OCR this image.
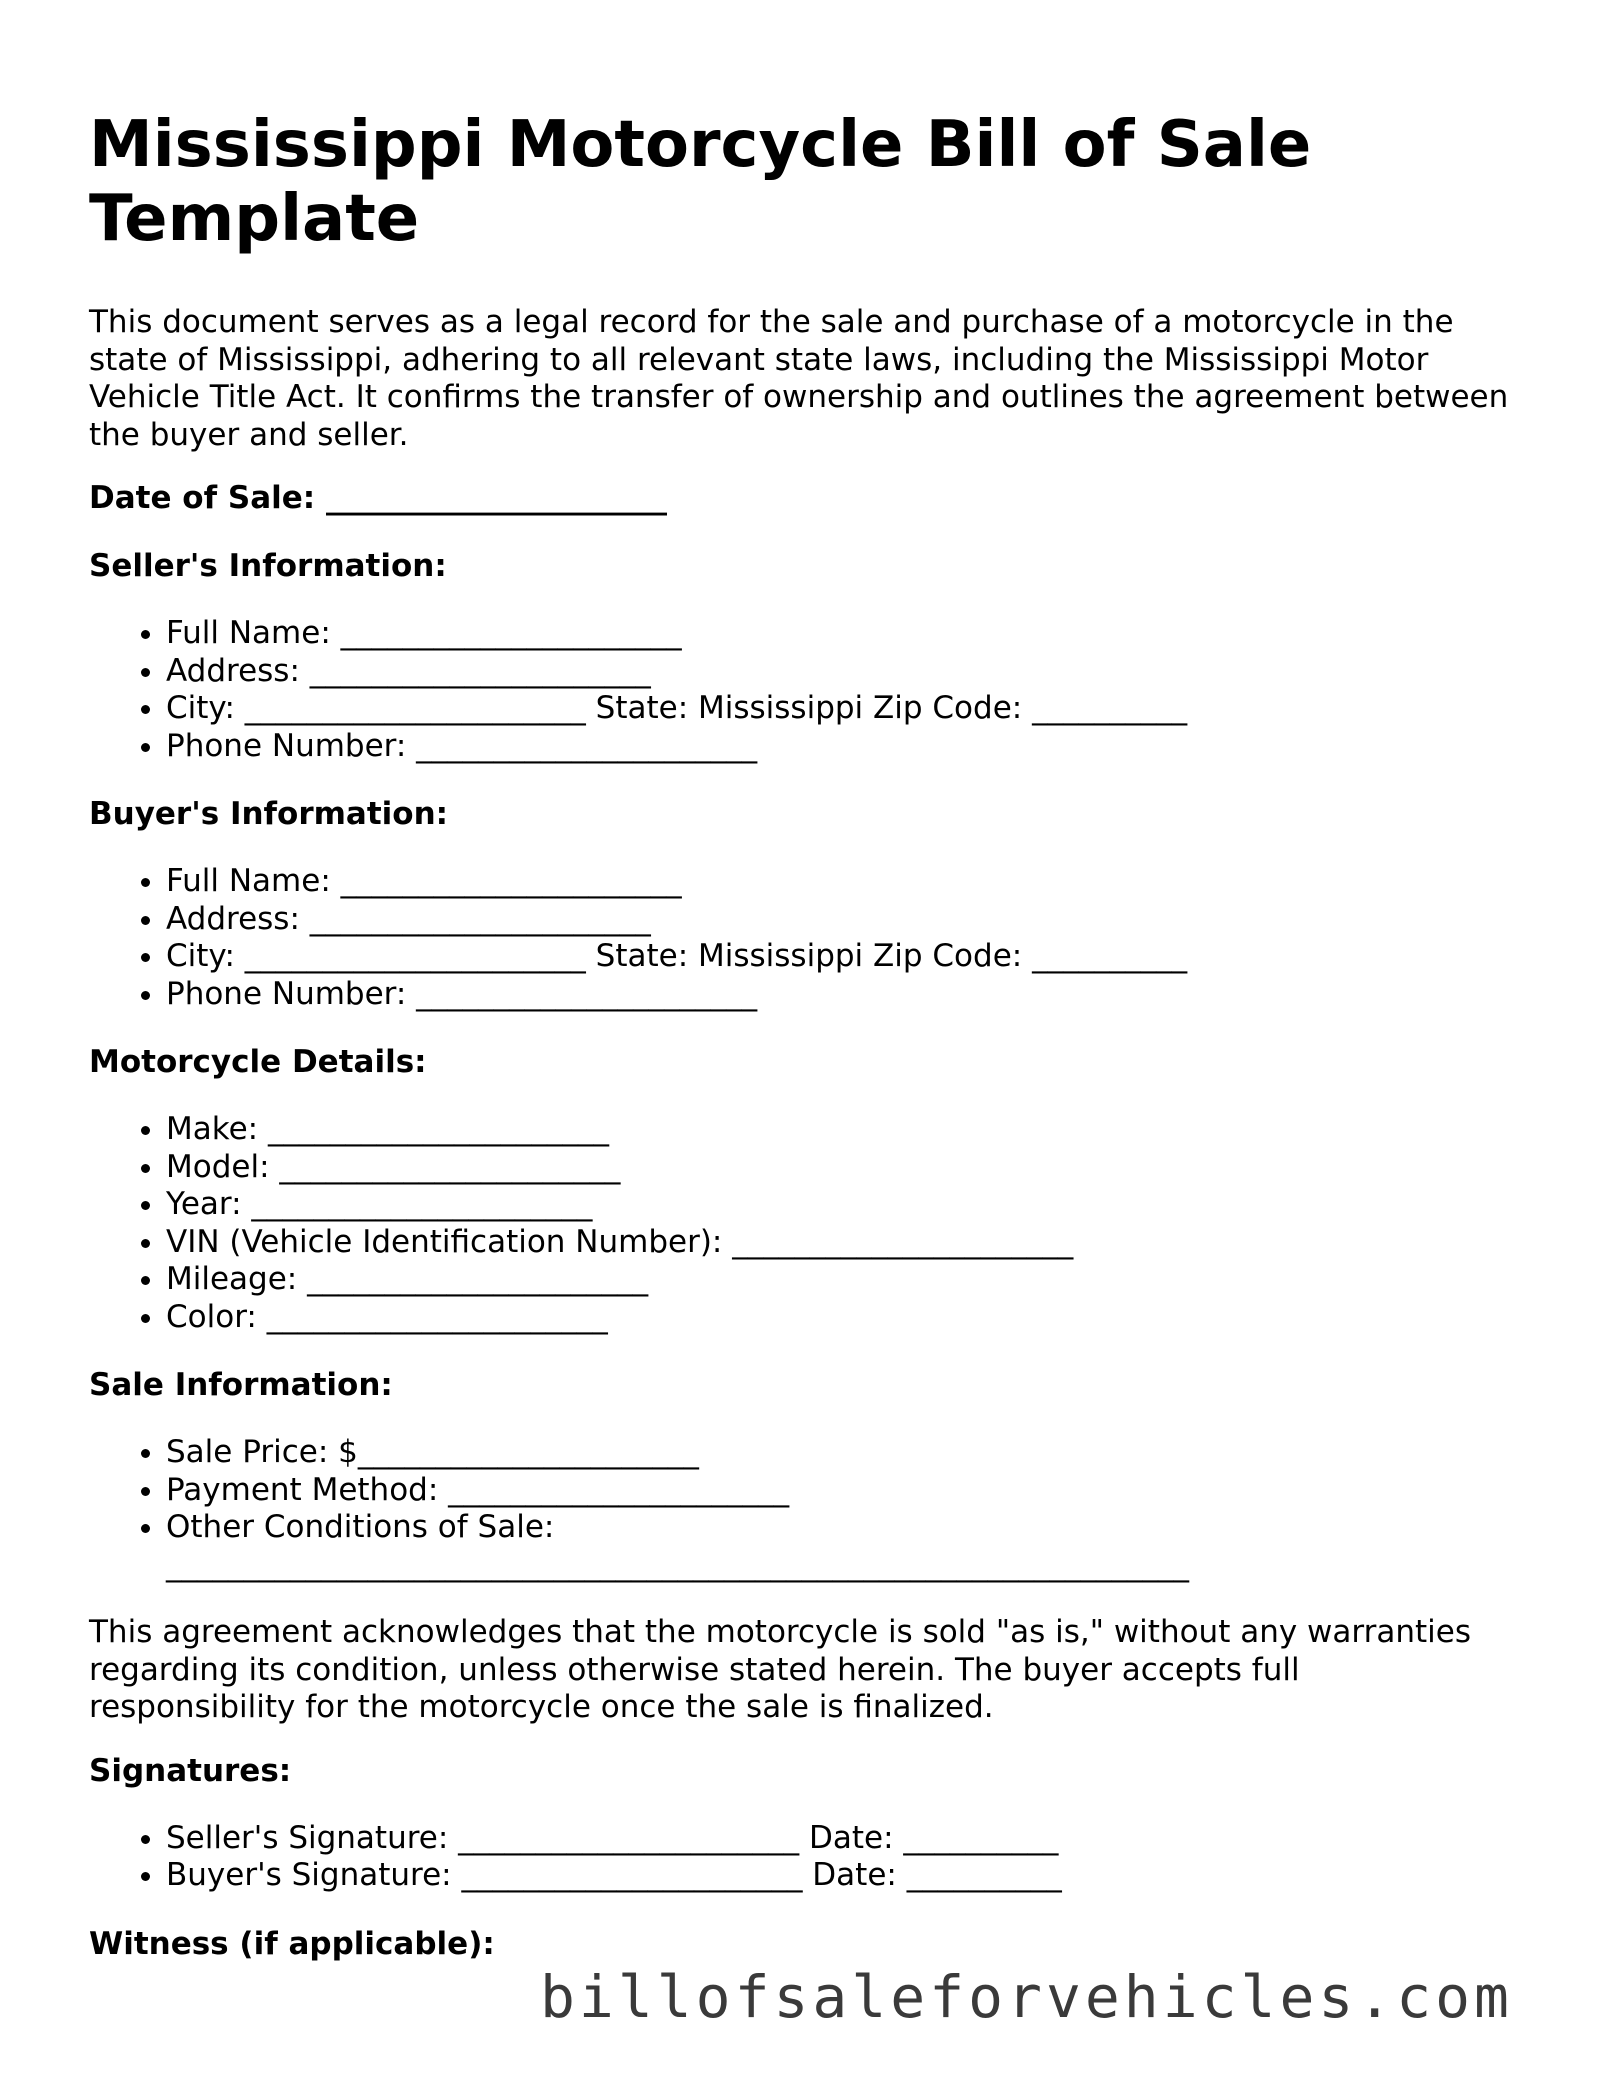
Mississippi Motorcycle Bill of Sale Template

This document serves as a legal record for the sale and purchase of a motorcycle in the state of Mississippi, adhering to all relevant state laws, including the Mississippi Motor Vehicle Title Act. It confirms the transfer of ownership and outlines the agreement between the buyer and seller.

Date of Sale: ______________________

Seller's Information:

• Full Name: ______________________
• Address: ______________________
• City: ______________________ State: Mississippi Zip Code: __________
• Phone Number: ______________________

Buyer's Information:

• Full Name: ______________________
• Address: ______________________
• City: ______________________ State: Mississippi Zip Code: __________
• Phone Number: ______________________

Motorcycle Details:

• Make: ______________________
• Model: ______________________
• Year: ______________________
• VIN (Vehicle Identification Number): ______________________
• Mileage: ______________________
• Color: ______________________

Sale Information:

• Sale Price: $______________________
• Payment Method: ______________________
• Other Conditions of Sale: __________________________________________________________________

This agreement acknowledges that the motorcycle is sold "as is," without any warranties regarding its condition, unless otherwise stated herein. The buyer accepts full responsibility for the motorcycle once the sale is finalized.

Signatures:

• Seller's Signature: ______________________ Date: __________
• Buyer's Signature: ______________________ Date: __________

Witness (if applicable):

billofsaleforvehicles.com
